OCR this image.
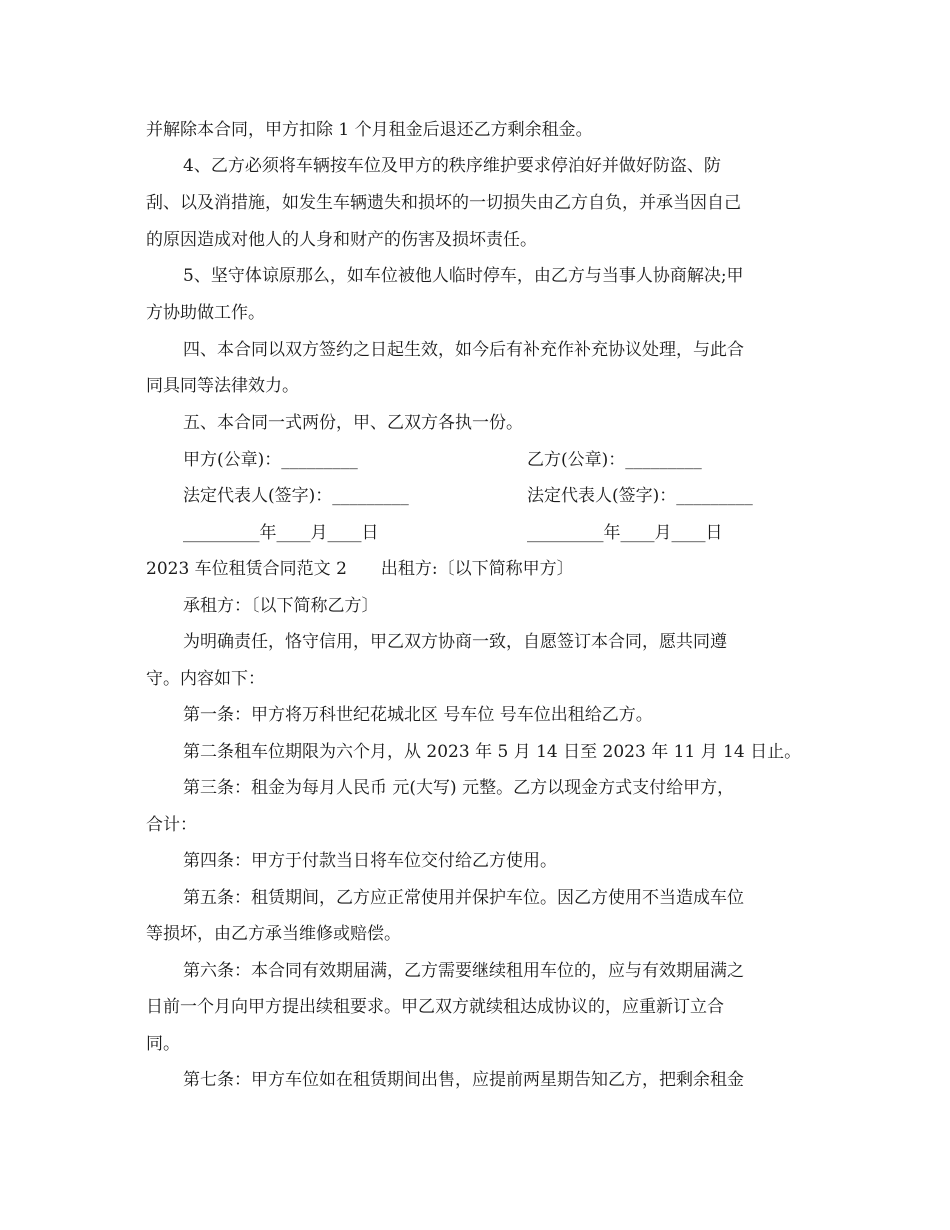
并解除本合同，甲方扣除 1 个月租金后退还乙方剩余租金。
4、乙方必须将车辆按车位及甲方的秩序维护要求停泊好并做好防盗、防
刮、以及消措施，如发生车辆遗失和损坏的一切损失由乙方自负，并承当因自己
的原因造成对他人的人身和财产的伤害及损坏责任。
5、坚守体谅原那么，如车位被他人临时停车，由乙方与当事人协商解决;甲
方协助做工作。
四、本合同以双方签约之日起生效，如今后有补充作补充协议处理，与此合
同具同等法律效力。
五、本合同一式两份，甲、乙双方各执一份。
甲方(公章)：_________	乙方(公章)：_________
法定代表人(签字)：_________	法定代表人(签字)：_________
_________年____月____日	_________年____月____日
2023 车位租赁合同范文 2　　出租方:〔以下简称甲方〕
承租方：〔以下简称乙方〕
为明确责任，恪守信用，甲乙双方协商一致，自愿签订本合同，愿共同遵
守。内容如下：
第一条：甲方将万科世纪花城北区 号车位 号车位出租给乙方。
第二条租车位期限为六个月，从 2023 年 5 月 14 日至 2023 年 11 月 14 日止。
第三条：租金为每月人民币 元(大写) 元整。乙方以现金方式支付给甲方，
合计：
第四条：甲方于付款当日将车位交付给乙方使用。
第五条：租赁期间，乙方应正常使用并保护车位。因乙方使用不当造成车位
等损坏，由乙方承当维修或赔偿。
第六条：本合同有效期届满，乙方需要继续租用车位的，应与有效期届满之
日前一个月向甲方提出续租要求。甲乙双方就续租达成协议的，应重新订立合
同。
第七条：甲方车位如在租赁期间出售，应提前两星期告知乙方，把剩余租金
